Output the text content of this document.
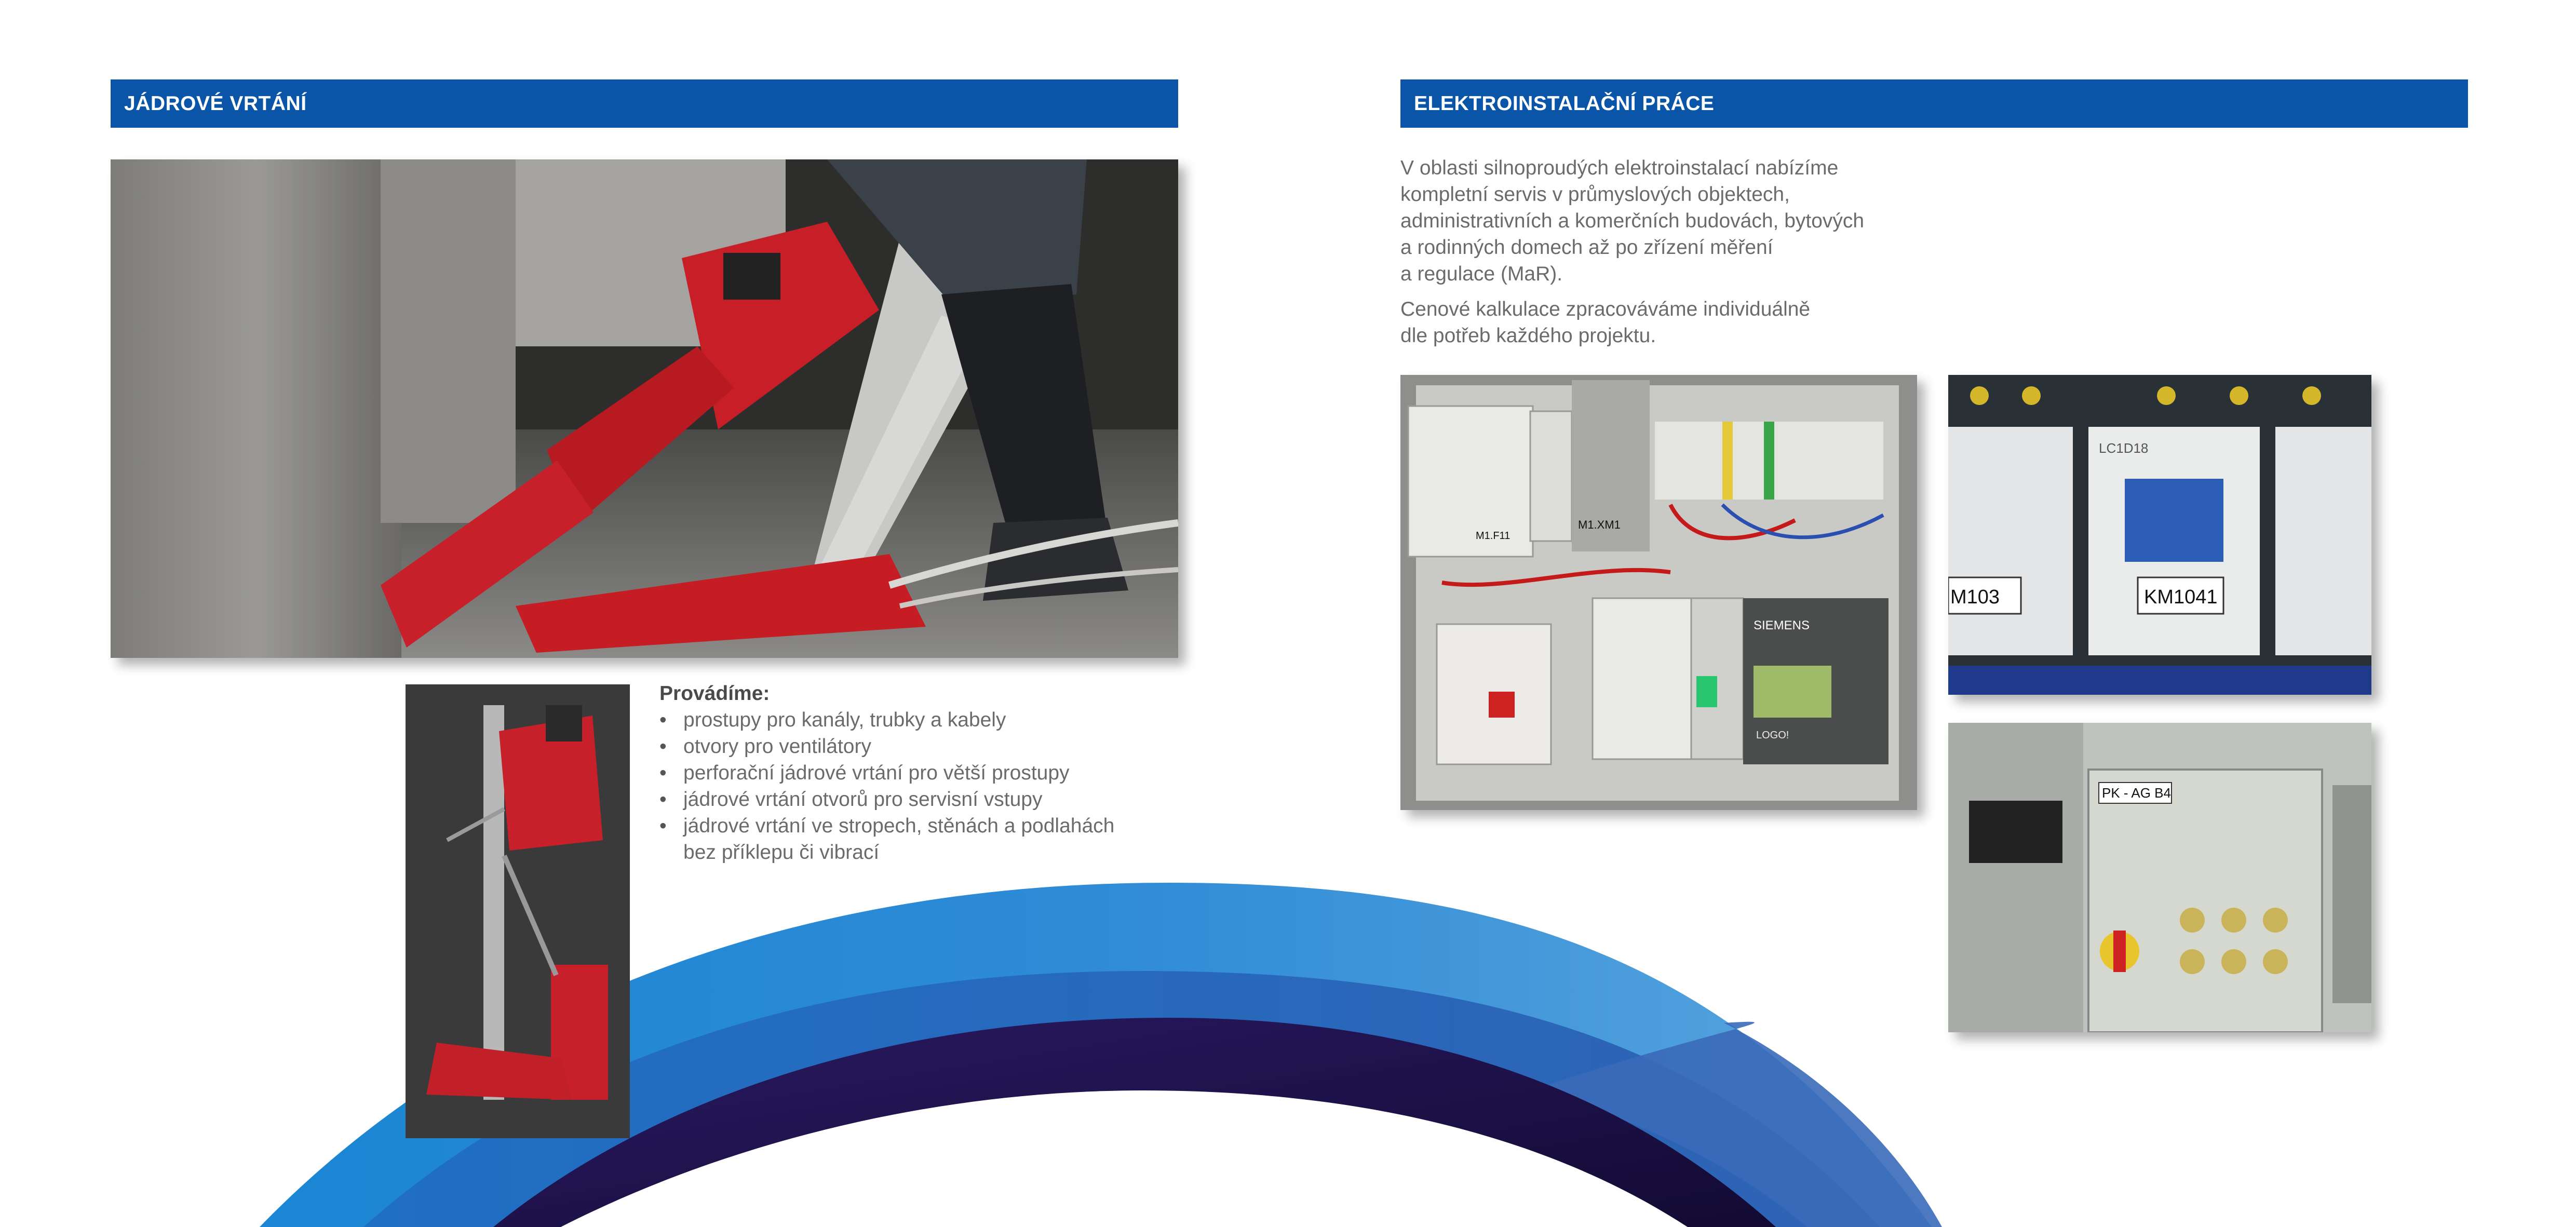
JÁDROVÉ VRTÁNÍ
Provádíme:
• prostupy pro kanály, trubky a kabely
• otvory pro ventilátory
• perforační jádrové vrtání pro větší prostupy
• jádrové vrtání otvorů pro servisní vstupy
• jádrové vrtání ve stropech, stěnách a podlahách
bez příklepu či vibrací
ELEKTROINSTALAČNÍ PRÁCE
V oblasti silnoproudých elektroinstalací nabízíme
kompletní servis v průmyslových objektech,
administrativních a komerčních budovách, bytových
a rodinných domech až po zřízení měření
a regulace (MaR).
Cenové kalkulace zpracováváme individuálně
dle potřeb každého projektu.
M1.XM1
M1.F11
SIEMENS
LOGO!
KM1041
M103
LC1D18
PK - AG B4
